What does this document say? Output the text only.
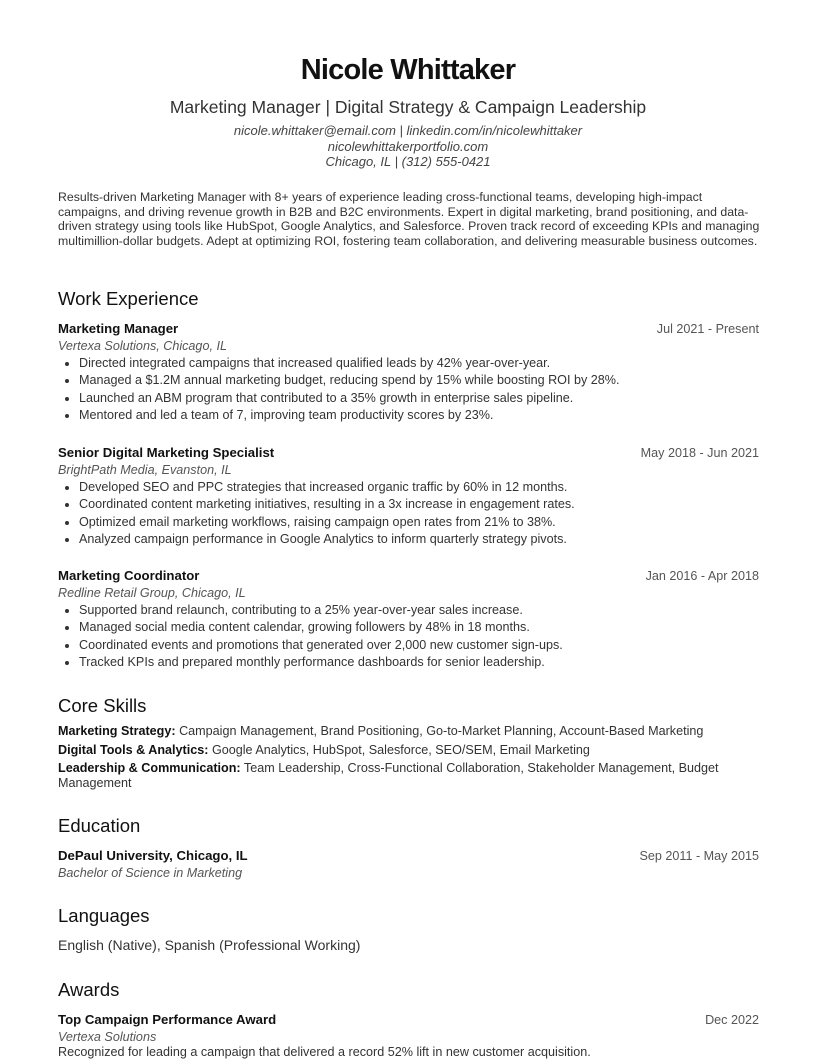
Nicole Whittaker
Marketing Manager | Digital Strategy & Campaign Leadership
nicole.whittaker@email.com | linkedin.com/in/nicolewhittaker
nicolewhittakerportfolio.com
Chicago, IL | (312) 555-0421
Results-driven Marketing Manager with 8+ years of experience leading cross-functional teams, developing high-impact campaigns, and driving revenue growth in B2B and B2C environments. Expert in digital marketing, brand positioning, and data-driven strategy using tools like HubSpot, Google Analytics, and Salesforce. Proven track record of exceeding KPIs and managing multimillion-dollar budgets. Adept at optimizing ROI, fostering team collaboration, and delivering measurable business outcomes.
Work Experience
Marketing Manager	Jul 2021 - Present
Vertexa Solutions, Chicago, IL
• Directed integrated campaigns that increased qualified leads by 42% year-over-year.
• Managed a $1.2M annual marketing budget, reducing spend by 15% while boosting ROI by 28%.
• Launched an ABM program that contributed to a 35% growth in enterprise sales pipeline.
• Mentored and led a team of 7, improving team productivity scores by 23%.
Senior Digital Marketing Specialist	May 2018 - Jun 2021
BrightPath Media, Evanston, IL
• Developed SEO and PPC strategies that increased organic traffic by 60% in 12 months.
• Coordinated content marketing initiatives, resulting in a 3x increase in engagement rates.
• Optimized email marketing workflows, raising campaign open rates from 21% to 38%.
• Analyzed campaign performance in Google Analytics to inform quarterly strategy pivots.
Marketing Coordinator	Jan 2016 - Apr 2018
Redline Retail Group, Chicago, IL
• Supported brand relaunch, contributing to a 25% year-over-year sales increase.
• Managed social media content calendar, growing followers by 48% in 18 months.
• Coordinated events and promotions that generated over 2,000 new customer sign-ups.
• Tracked KPIs and prepared monthly performance dashboards for senior leadership.
Core Skills
Marketing Strategy: Campaign Management, Brand Positioning, Go-to-Market Planning, Account-Based Marketing
Digital Tools & Analytics: Google Analytics, HubSpot, Salesforce, SEO/SEM, Email Marketing
Leadership & Communication: Team Leadership, Cross-Functional Collaboration, Stakeholder Management, Budget Management
Education
DePaul University, Chicago, IL	Sep 2011 - May 2015
Bachelor of Science in Marketing
Languages
English (Native), Spanish (Professional Working)
Awards
Top Campaign Performance Award	Dec 2022
Vertexa Solutions
Recognized for leading a campaign that delivered a record 52% lift in new customer acquisition.
